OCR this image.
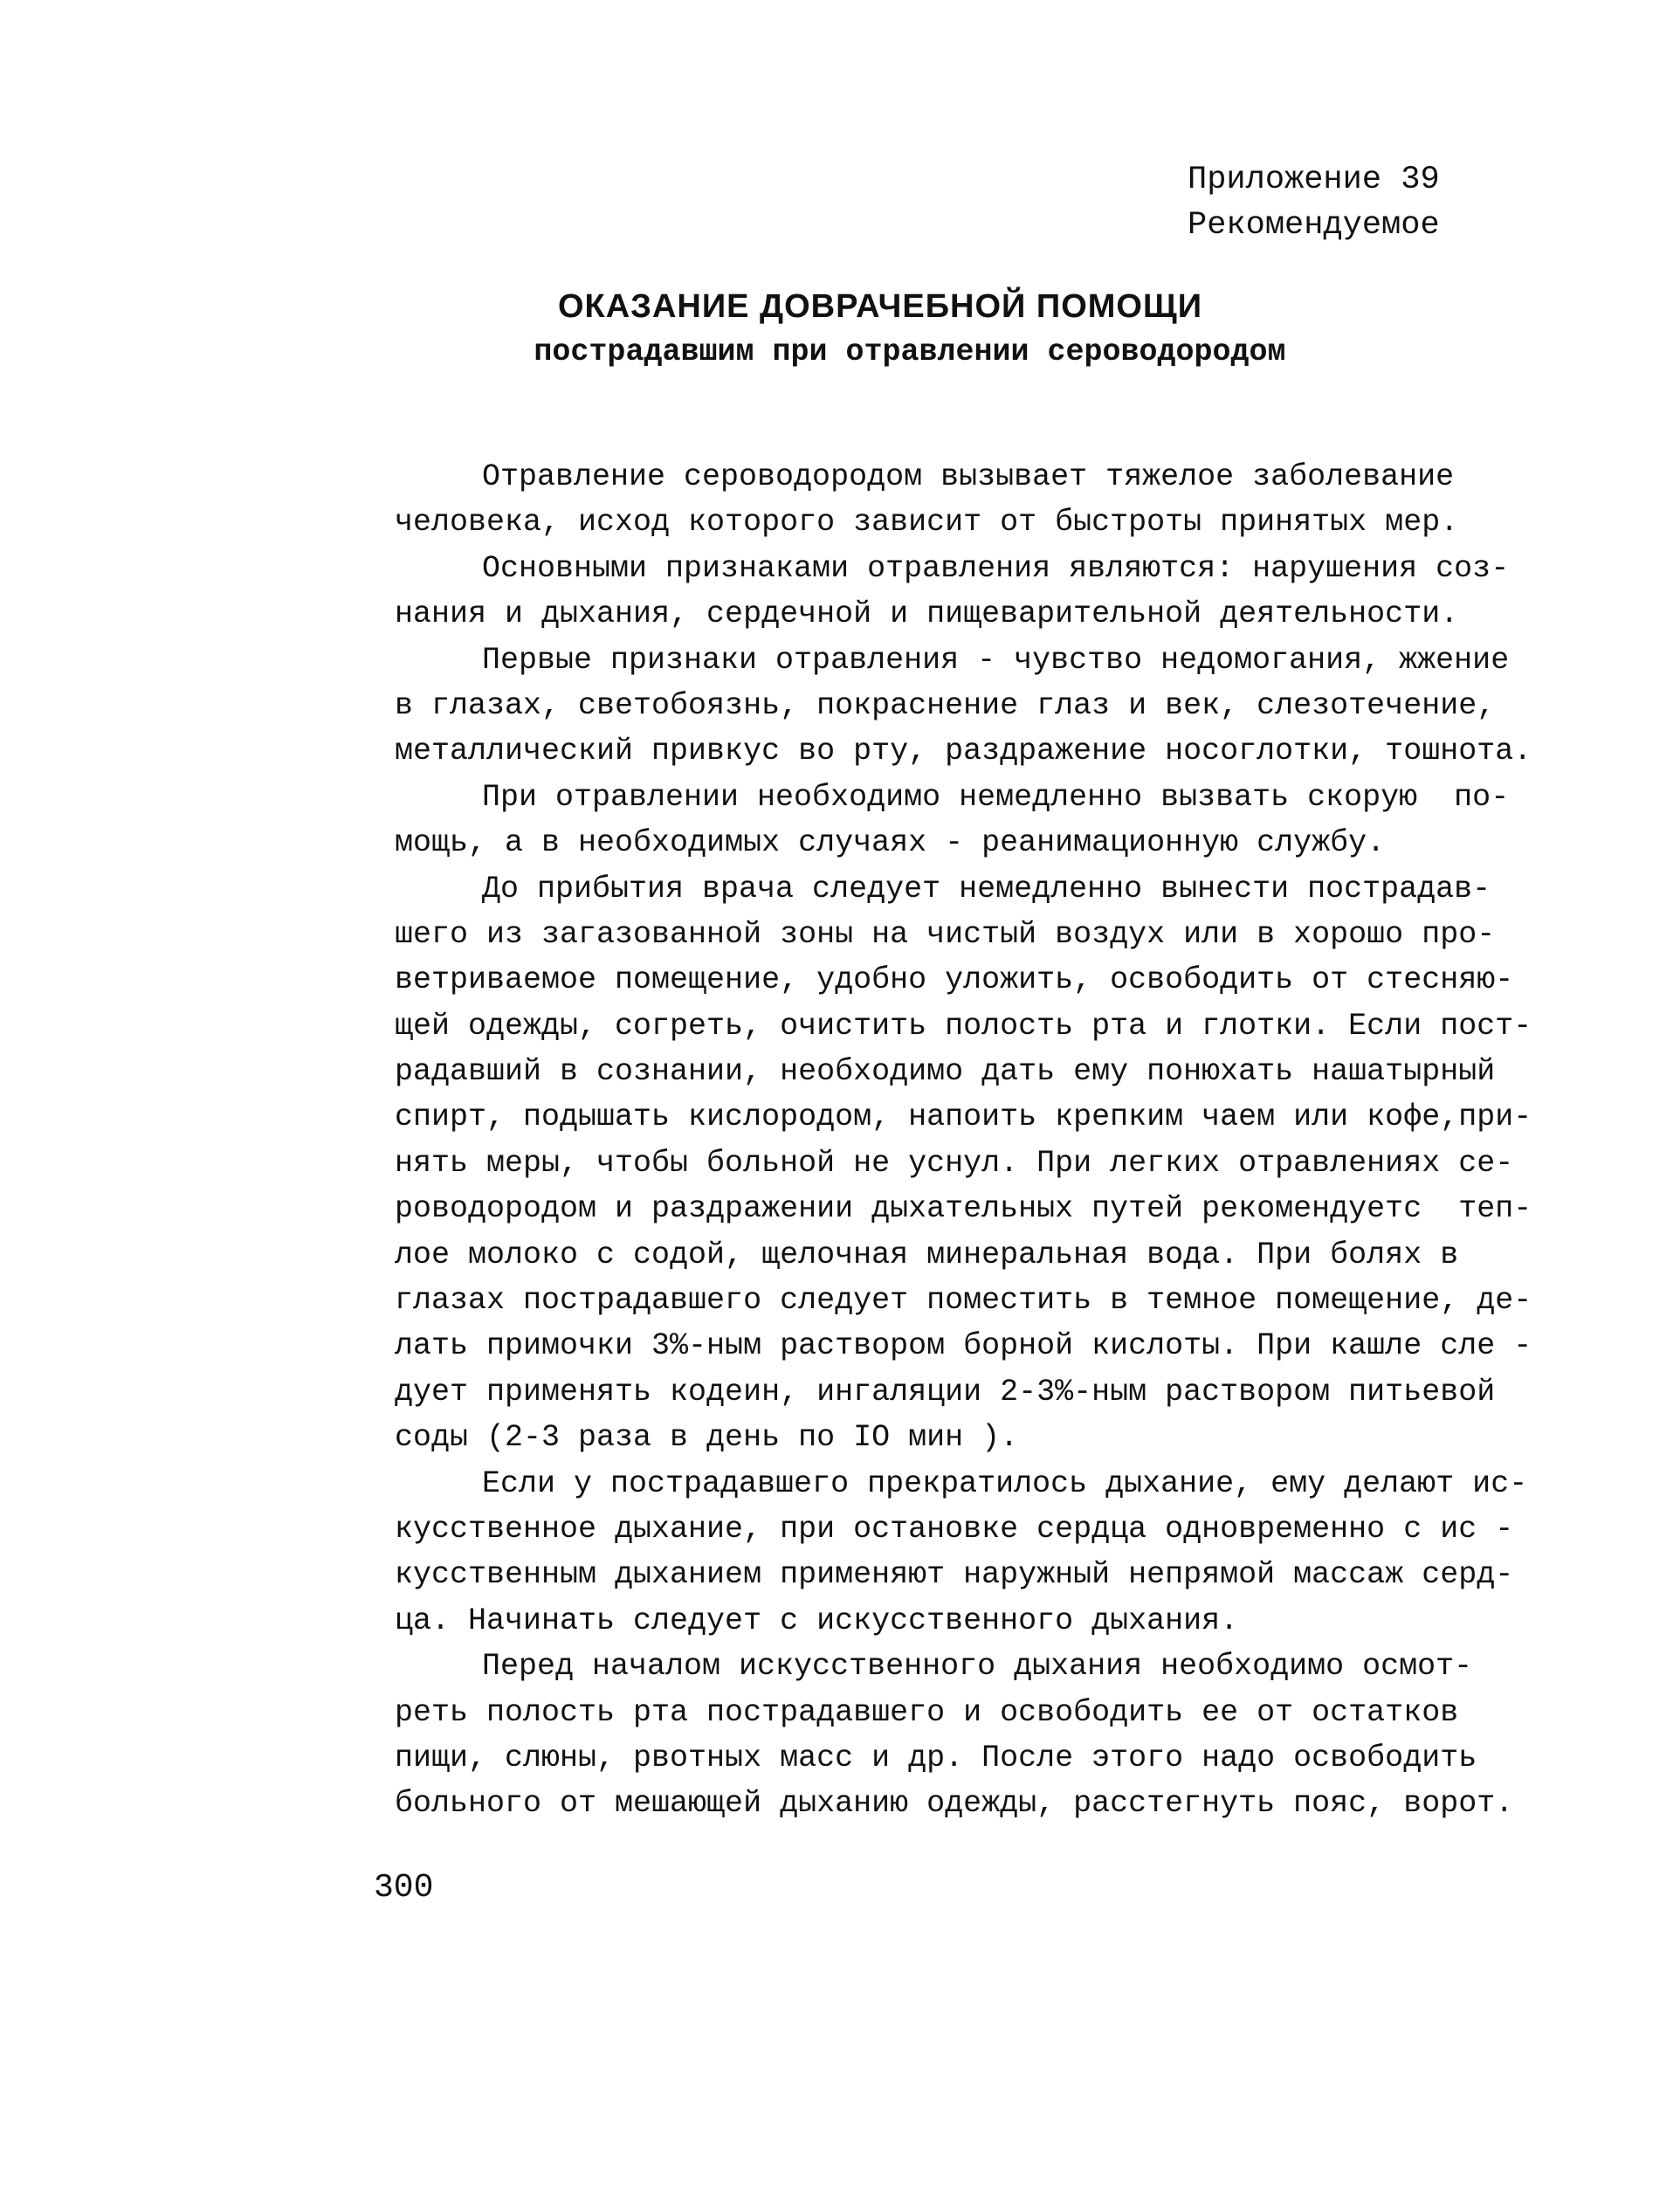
Приложение 39
Рекомендуемое
ОКАЗАНИЕ ДОВРАЧЕБНОЙ ПОМОЩИ
пострадавшим при отравлении сероводородом
Отравление сероводородом вызывает тяжелое заболевание
человека, исход которого зависит от быстроты принятых мер.
Основными признаками отравления являются: нарушения соз-
нания и дыхания, сердечной и пищеварительной деятельности.
Первые признаки отравления - чувство недомогания, жжение
в глазах, светобоязнь, покраснение глаз и век, слезотечение,
металлический привкус во рту, раздражение носоглотки, тошнота.
При отравлении необходимо немедленно вызвать скорую  по-
мощь, а в необходимых случаях - реанимационную службу.
До прибытия врача следует немедленно вынести пострадав-
шего из загазованной зоны на чистый воздух или в хорошо про-
ветриваемое помещение, удобно уложить, освободить от стесняю-
щей одежды, согреть, очистить полость рта и глотки. Если пост-
радавший в сознании, необходимо дать ему понюхать нашатырный
спирт, подышать кислородом, напоить крепким чаем или кофе,при-
нять меры, чтобы больной не уснул. При легких отравлениях се-
роводородом и раздражении дыхательных путей рекомендуетс  теп-
лое молоко с содой, щелочная минеральная вода. При болях в
глазах пострадавшего следует поместить в темное помещение, де-
лать примочки 3%-ным раствором борной кислоты. При кашле сле -
дует применять кодеин, ингаляции 2-3%-ным раствором питьевой
соды (2-3 раза в день по IO мин ).
Если у пострадавшего прекратилось дыхание, ему делают ис-
кусственное дыхание, при остановке сердца одновременно с ис -
кусственным дыханием применяют наружный непрямой массаж серд-
ца. Начинать следует с искусственного дыхания.
Перед началом искусственного дыхания необходимо осмот-
реть полость рта пострадавшего и освободить ее от остатков
пищи, слюны, рвотных масс и др. После этого надо освободить
больного от мешающей дыханию одежды, расстегнуть пояс, ворот.
300
